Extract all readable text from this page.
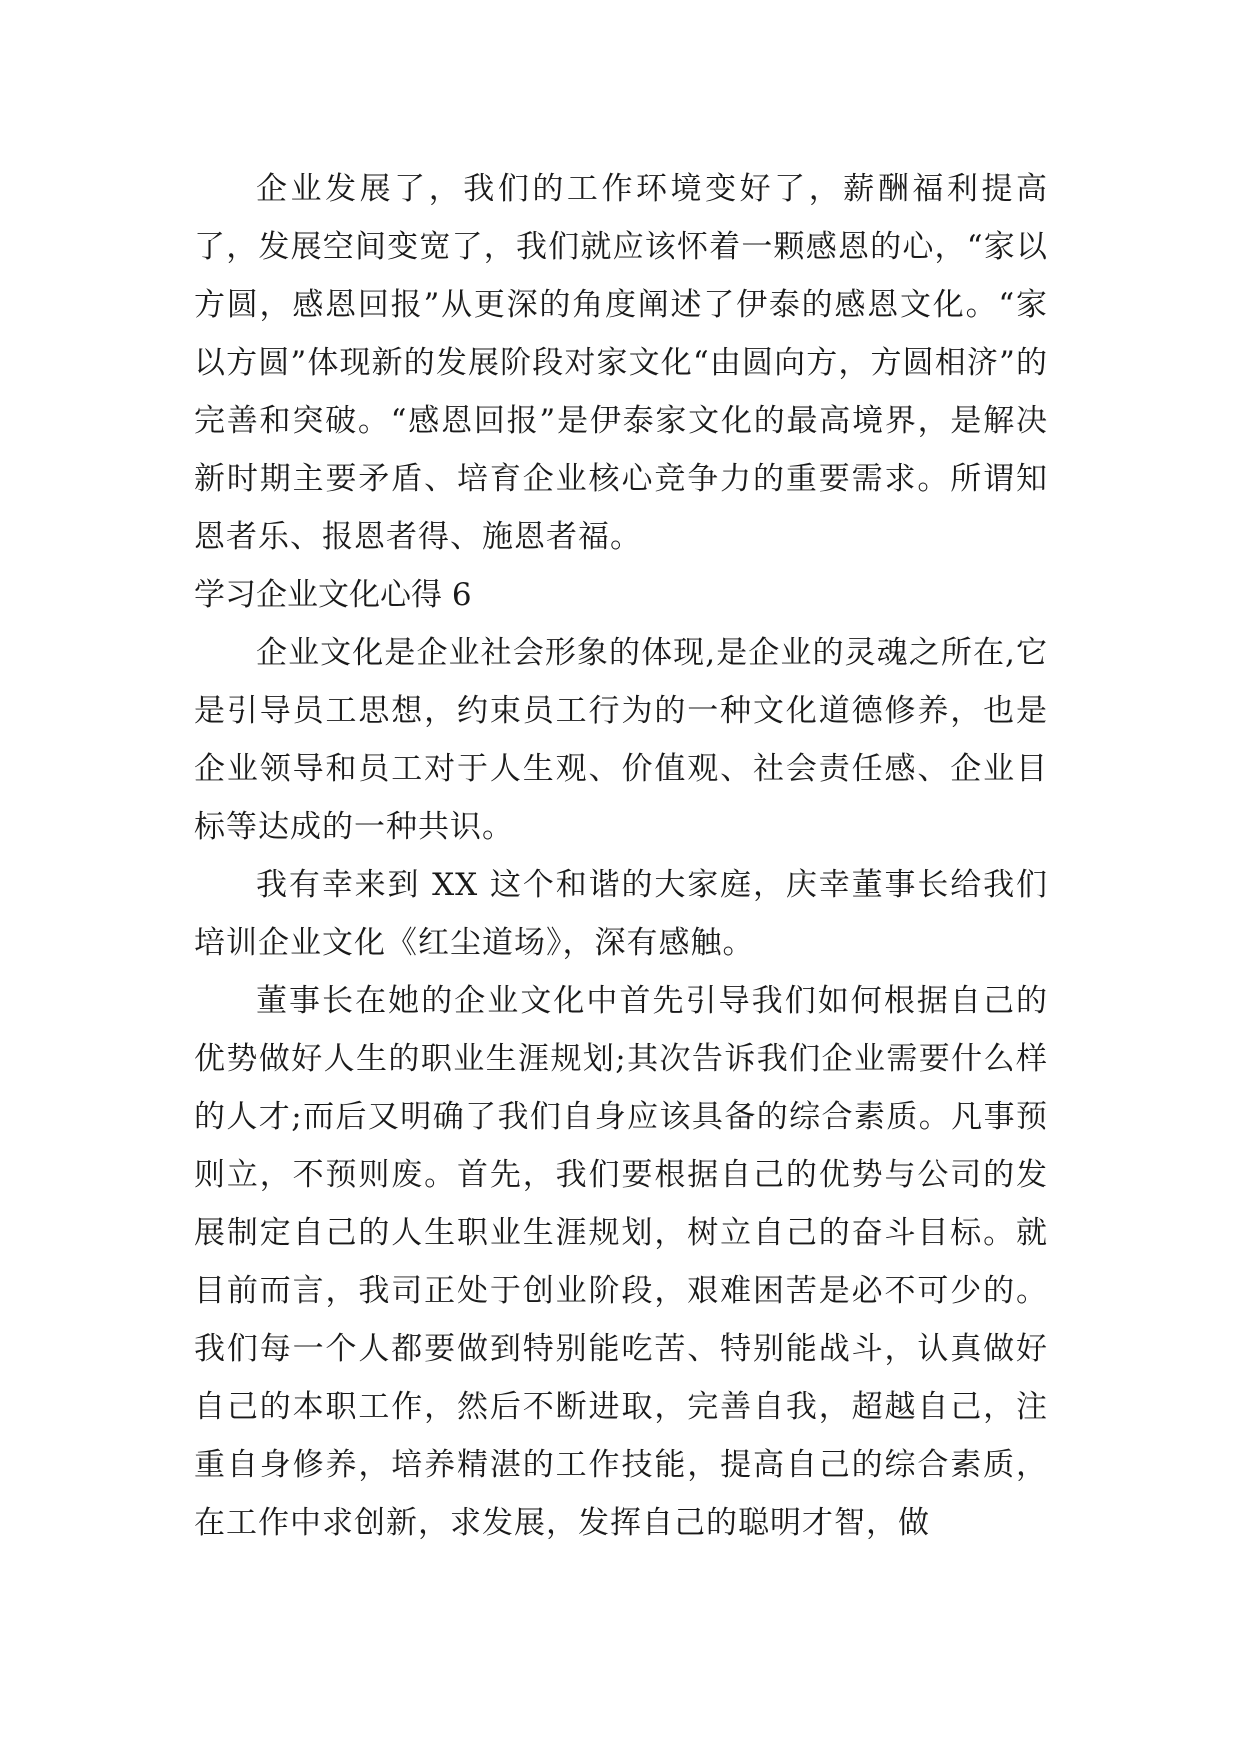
企业发展了，我们的工作环境变好了，薪酬福利提高了，发展空间变宽了，我们就应该怀着一颗感恩的心，“家以方圆，感恩回报”从更深的角度阐述了伊泰的感恩文化。“家以方圆”体现新的发展阶段对家文化“由圆向方，方圆相济”的完善和突破。“感恩回报”是伊泰家文化的最高境界，是解决新时期主要矛盾、培育企业核心竞争力的重要需求。所谓知恩者乐、报恩者得、施恩者福。

学习企业文化心得 6

企业文化是企业社会形象的体现,是企业的灵魂之所在,它是引导员工思想，约束员工行为的一种文化道德修养，也是企业领导和员工对于人生观、价值观、社会责任感、企业目标等达成的一种共识。

我有幸来到 XX 这个和谐的大家庭，庆幸董事长给我们培训企业文化《红尘道场》，深有感触。

董事长在她的企业文化中首先引导我们如何根据自己的优势做好人生的职业生涯规划;其次告诉我们企业需要什么样的人才;而后又明确了我们自身应该具备的综合素质。凡事预则立，不预则废。首先，我们要根据自己的优势与公司的发展制定自己的人生职业生涯规划，树立自己的奋斗目标。就目前而言，我司正处于创业阶段，艰难困苦是必不可少的。我们每一个人都要做到特别能吃苦、特别能战斗，认真做好自己的本职工作，然后不断进取，完善自我，超越自己，注重自身修养，培养精湛的工作技能，提高自己的综合素质，在工作中求创新，求发展，发挥自己的聪明才智，做
